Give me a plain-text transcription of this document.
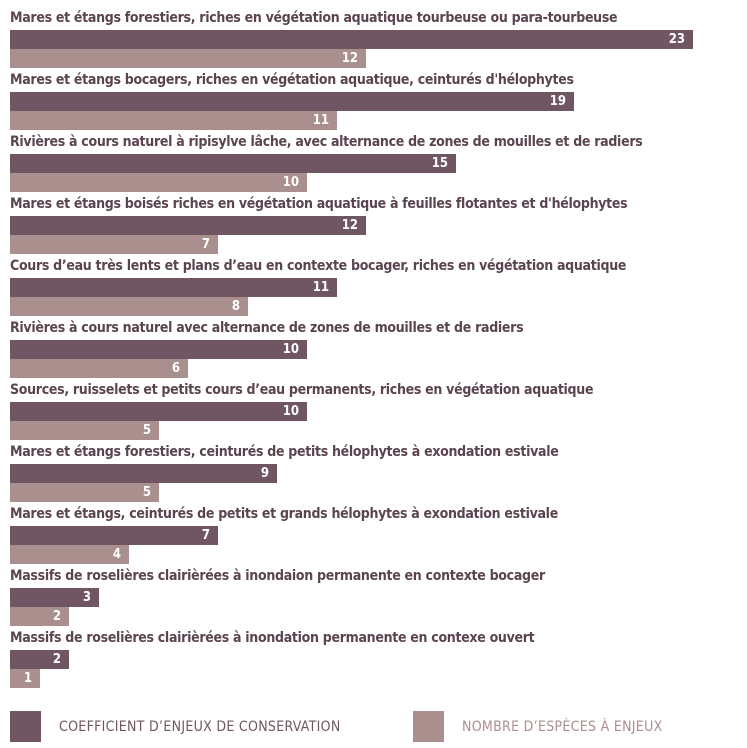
Mares et étangs forestiers, riches en végétation aquatique tourbeuse ou para-tourbeuse
23
12
Mares et étangs bocagers, riches en végétation aquatique, ceinturés d'hélophytes
19
11
Rivières à cours naturel à ripisylve lâche, avec alternance de zones de mouilles et de radiers
15
10
Mares et étangs boisés riches en végétation aquatique à feuilles flotantes et d'hélophytes
12
7
Cours d’eau très lents et plans d’eau en contexte bocager, riches en végétation aquatique
11
8
Rivières à cours naturel avec alternance de zones de mouilles et de radiers
10
6
Sources, ruisselets et petits cours d’eau permanents, riches en végétation aquatique
10
5
Mares et étangs forestiers, ceinturés de petits hélophytes à exondation estivale
9
5
Mares et étangs, ceinturés de petits et grands hélophytes à exondation estivale
7
4
Massifs de roselières clairièrées à inondaion permanente en contexte bocager
3
2
Massifs de roselières clairièrées à inondation permanente en contexe ouvert
2
1
COEFFICIENT D’ENJEUX DE CONSERVATION	NOMBRE D’ESPÈCES À ENJEUX
